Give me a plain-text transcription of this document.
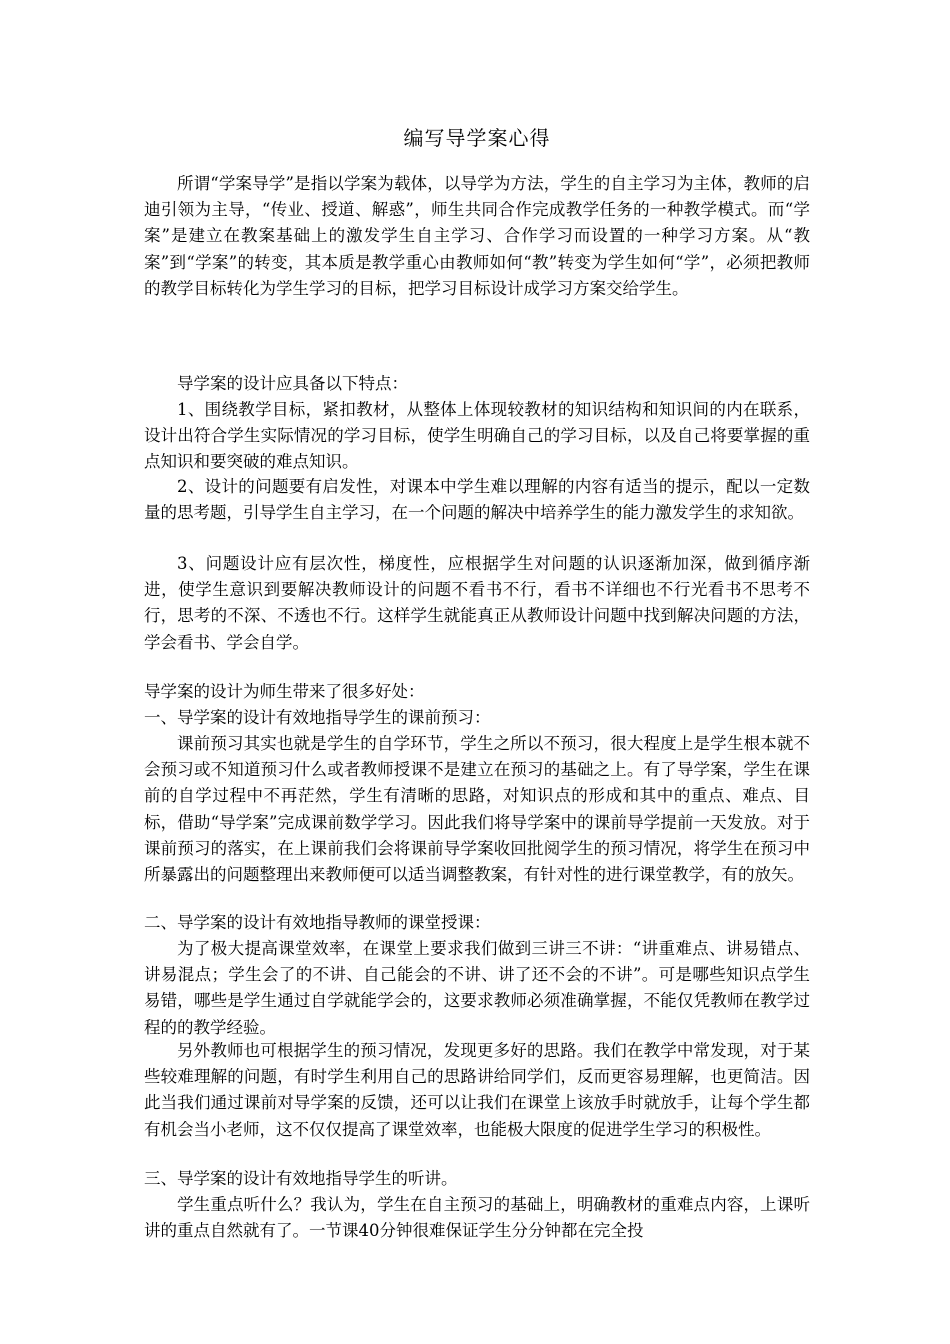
编写导学案心得

所谓“学案导学”是指以学案为载体，以导学为方法，学生的自主学习为主体，教师的启迪引领为主导，“传业、授道、解惑”，师生共同合作完成教学任务的一种教学模式。而“学案”是建立在教案基础上的激发学生自主学习、合作学习而设置的一种学习方案。从“教案”到“学案”的转变，其本质是教学重心由教师如何“教”转变为学生如何“学”，必须把教师的教学目标转化为学生学习的目标，把学习目标设计成学习方案交给学生。

导学案的设计应具备以下特点：

1、围绕教学目标，紧扣教材，从整体上体现较教材的知识结构和知识间的内在联系，设计出符合学生实际情况的学习目标，使学生明确自己的学习目标，以及自己将要掌握的重点知识和要突破的难点知识。

2、设计的问题要有启发性，对课本中学生难以理解的内容有适当的提示，配以一定数量的思考题，引导学生自主学习，在一个问题的解决中培养学生的能力激发学生的求知欲。

3、问题设计应有层次性，梯度性，应根据学生对问题的认识逐渐加深，做到循序渐进，使学生意识到要解决教师设计的问题不看书不行，看书不详细也不行光看书不思考不行，思考的不深、不透也不行。这样学生就能真正从教师设计问题中找到解决问题的方法，学会看书、学会自学。

导学案的设计为师生带来了很多好处：

一、导学案的设计有效地指导学生的课前预习：

课前预习其实也就是学生的自学环节，学生之所以不预习，很大程度上是学生根本就不会预习或不知道预习什么或者教师授课不是建立在预习的基础之上。有了导学案，学生在课前的自学过程中不再茫然，学生有清晰的思路，对知识点的形成和其中的重点、难点、目标，借助“导学案”完成课前数学学习。因此我们将导学案中的课前导学提前一天发放。对于课前预习的落实，在上课前我们会将课前导学案收回批阅学生的预习情况，将学生在预习中所暴露出的问题整理出来教师便可以适当调整教案，有针对性的进行课堂教学，有的放矢。

二、导学案的设计有效地指导教师的课堂授课：

为了极大提高课堂效率，在课堂上要求我们做到三讲三不讲：“讲重难点、讲易错点、讲易混点；学生会了的不讲、自己能会的不讲、讲了还不会的不讲”。可是哪些知识点学生易错，哪些是学生通过自学就能学会的，这要求教师必须准确掌握，不能仅凭教师在教学过程的的教学经验。

另外教师也可根据学生的预习情况，发现更多好的思路。我们在教学中常发现，对于某些较难理解的问题，有时学生利用自己的思路讲给同学们，反而更容易理解，也更简洁。因此当我们通过课前对导学案的反馈，还可以让我们在课堂上该放手时就放手，让每个学生都有机会当小老师，这不仅仅提高了课堂效率，也能极大限度的促进学生学习的积极性。

三、导学案的设计有效地指导学生的听讲。

学生重点听什么？我认为，学生在自主预习的基础上，明确教材的重难点内容，上课听讲的重点自然就有了。一节课40分钟很难保证学生分分钟都在完全投
